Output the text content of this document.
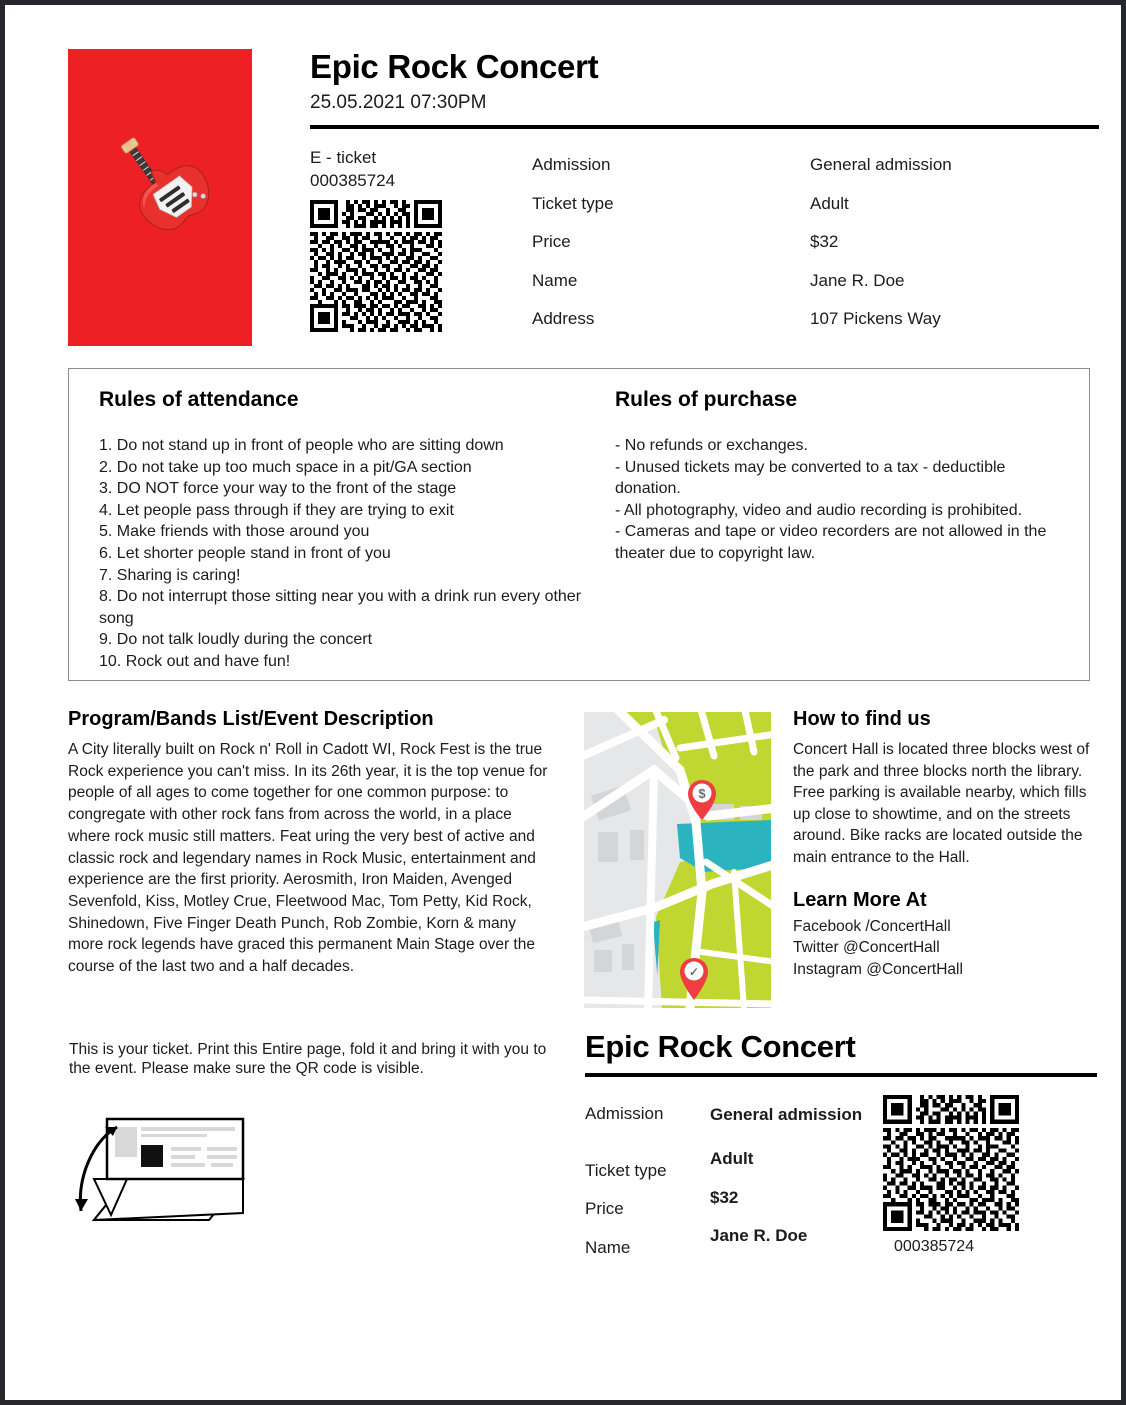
Epic Rock Concert
25.05.2021 07:30PM
E - ticket
000385724
Admission
Ticket type
Price
Name
Address
General admission
Adult
$32
Jane R. Doe
107 Pickens Way
Rules of attendance
1. Do not stand up in front of people who are sitting down
2. Do not take up too much space in a pit/GA section
3. DO NOT force your way to the front of the stage
4. Let people pass through if they are trying to exit
5. Make friends with those around you
6. Let shorter people stand in front of you
7. Sharing is caring!
8. Do not interrupt those sitting near you with a drink run every other song
9. Do not talk loudly during the concert
10. Rock out and have fun!
Rules of purchase
- No refunds or exchanges.
- Unused tickets may be converted to a tax - deductible donation.
- All photography, video and audio recording is prohibited.
- Cameras and tape or video recorders are not allowed in the theater due to copyright law.
Program/Bands List/Event Description

A City literally built on Rock n' Roll in Cadott WI, Rock Fest is the true Rock experience you can't miss. In its 26th year, it is the top venue for people of all ages to come together for one common purpose: to congregate with other rock fans from across the world, in a place where rock music still matters. Feat uring the very best of active and classic rock and legendary names in Rock Music, entertainment and experience are the first priority. Aerosmith, Iron Maiden, Avenged Sevenfold, Kiss, Motley Crue, Fleetwood Mac, Tom Petty, Kid Rock, Shinedown, Five Finger Death Punch, Rob Zombie, Korn & many more rock legends have graced this permanent Main Stage over the course of the last two and a half decades.

$
✓
How to find us

Concert Hall is located three blocks west of the park and three blocks north the library. Free parking is available nearby, which fills up close to showtime, and on the streets around. Bike racks are located outside the main entrance to the Hall.

Learn More At
Facebook /ConcertHall
Twitter @ConcertHall
Instagram @ConcertHall
This is your ticket. Print this Entire page, fold it and bring it with you to the event. Please make sure the QR code is visible.
Epic Rock Concert
Admission
Ticket type
Price
Name
General admission
Adult
$32
Jane R. Doe
000385724
